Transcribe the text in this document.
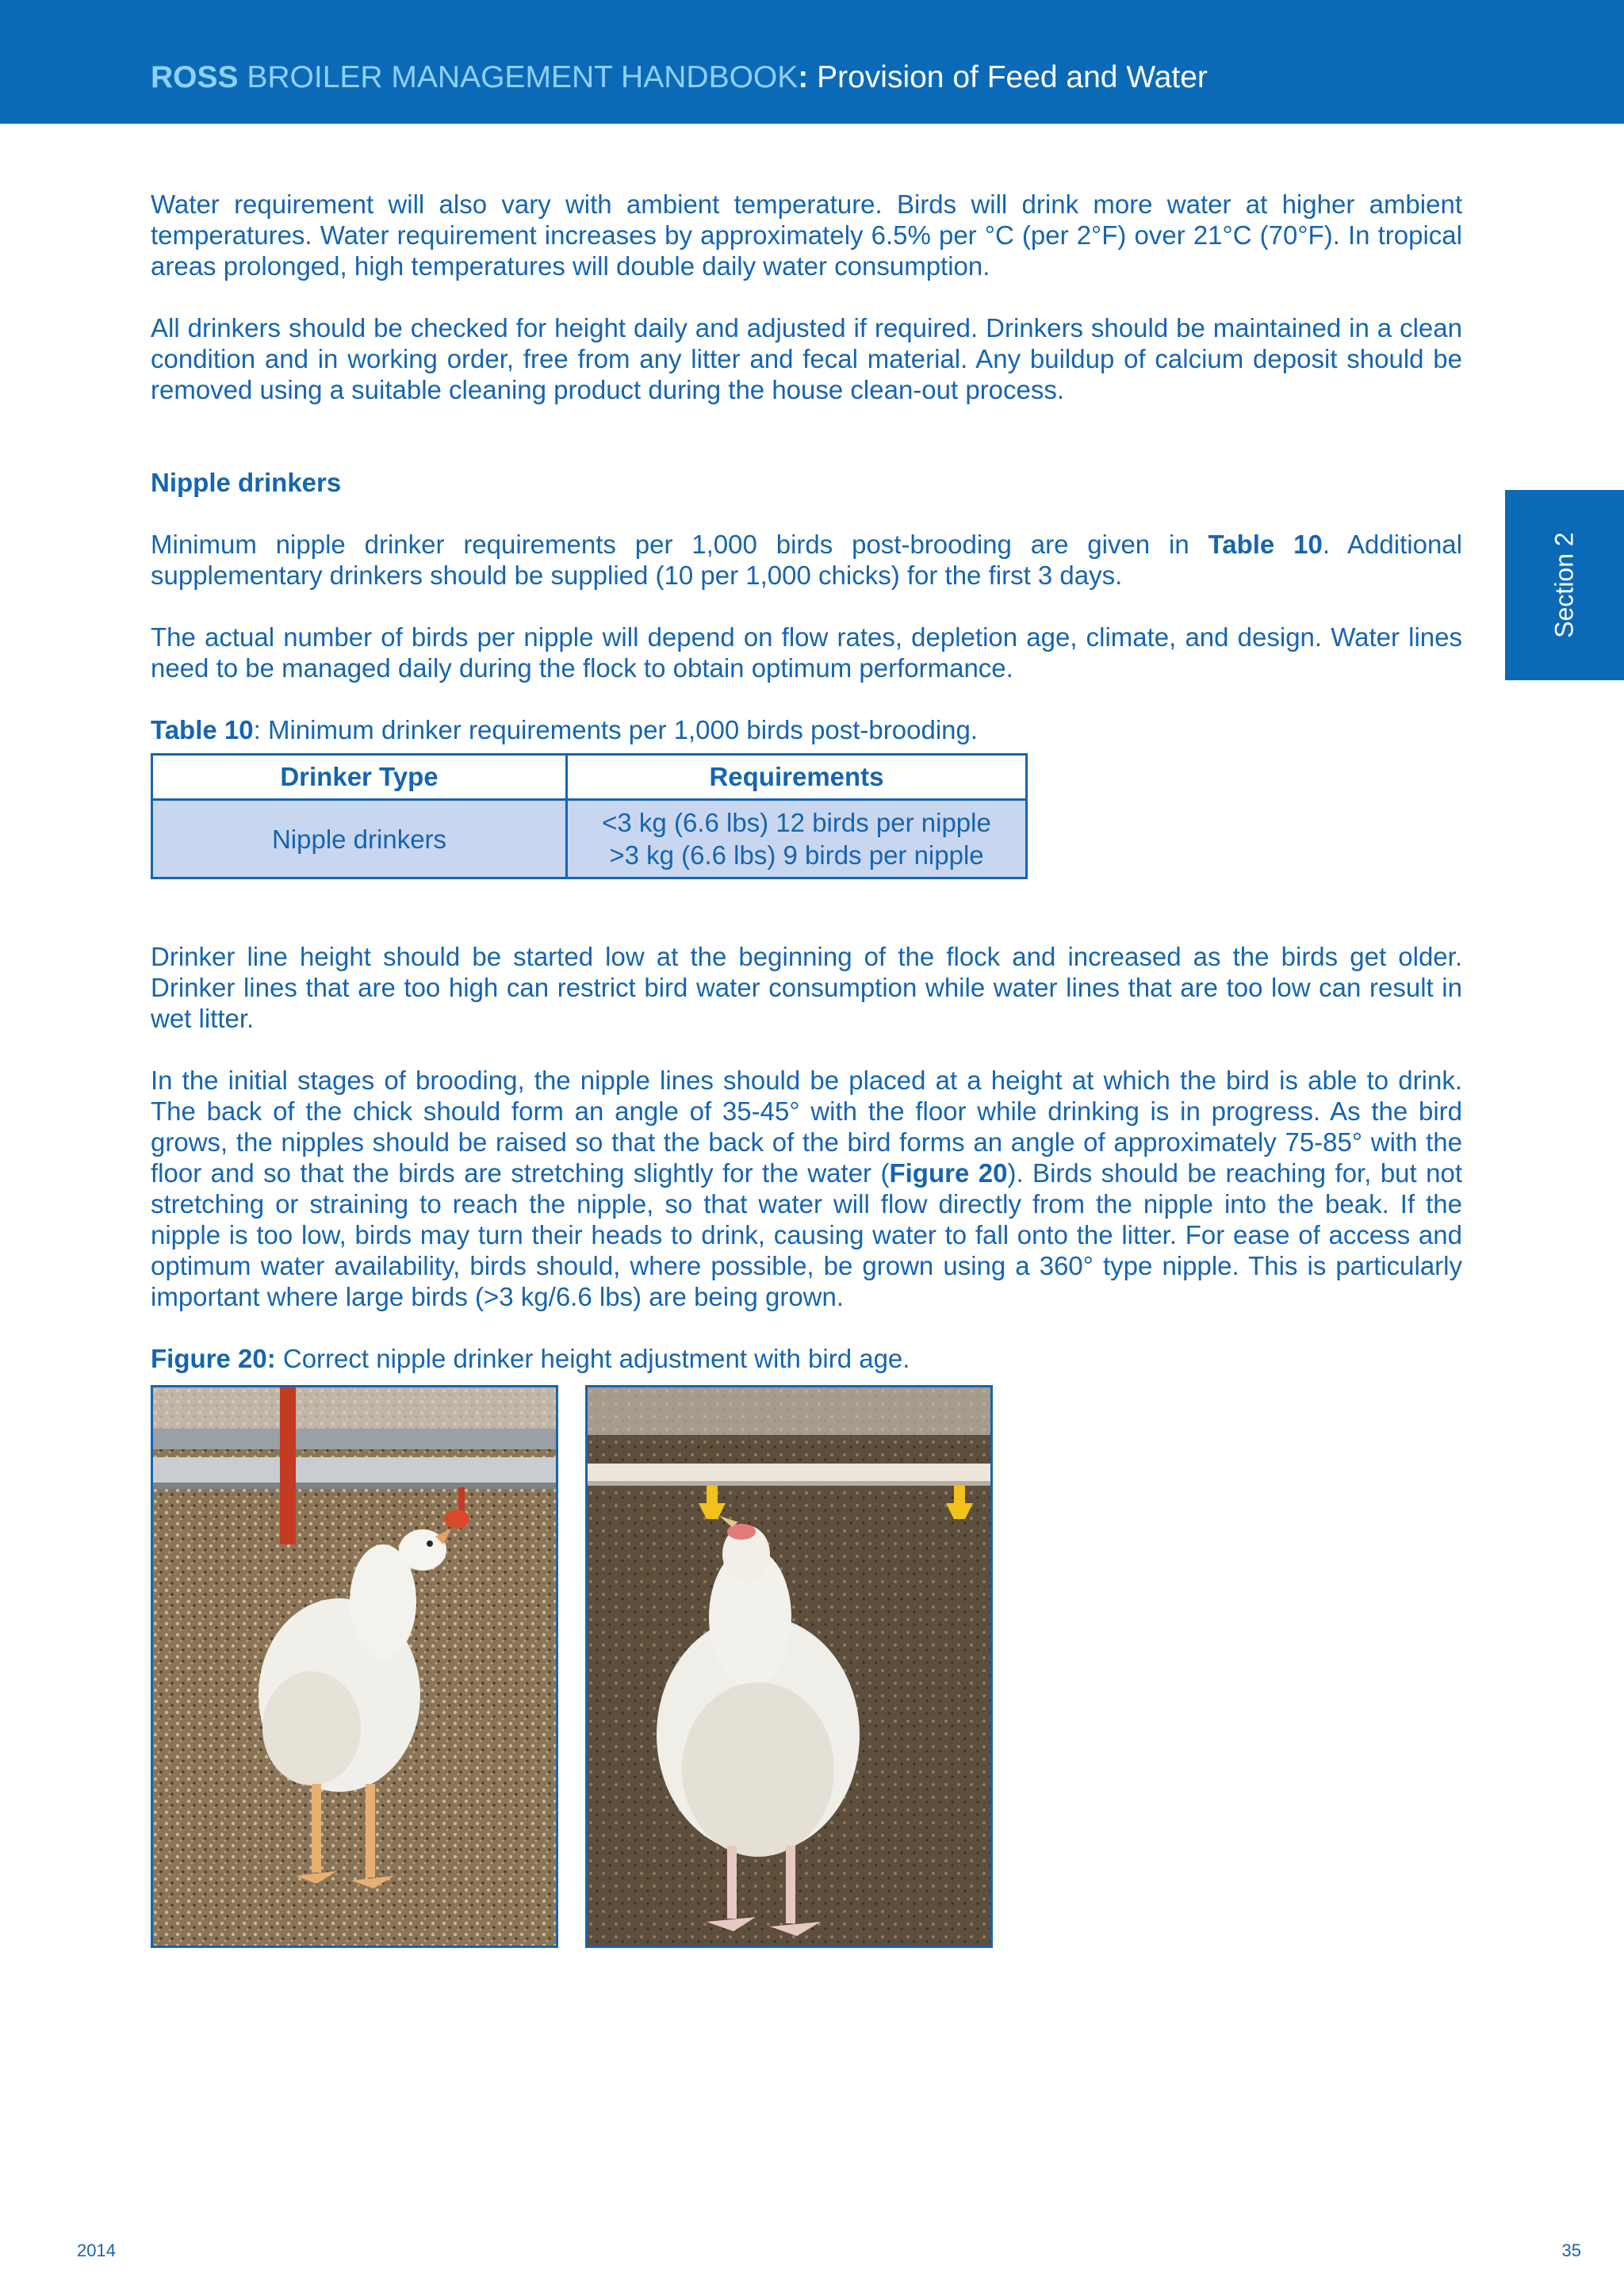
ROSS BROILER MANAGEMENT HANDBOOK: Provision of Feed and Water
Section 2

Water requirement will also vary with ambient temperature. Birds will drink more water at higher ambient temperatures. Water requirement increases by approximately 6.5% per °C (per 2°F) over 21°C (70°F). In tropical areas prolonged, high temperatures will double daily water consumption.

All drinkers should be checked for height daily and adjusted if required. Drinkers should be maintained in a clean condition and in working order, free from any litter and fecal material. Any buildup of calcium deposit should be removed using a suitable cleaning product during the house clean-out process.

Nipple drinkers

Minimum nipple drinker requirements per 1,000 birds post-brooding are given in Table 10. Additional supplementary drinkers should be supplied (10 per 1,000 chicks) for the first 3 days.

The actual number of birds per nipple will depend on flow rates, depletion age, climate, and design. Water lines need to be managed daily during the flock to obtain optimum performance.

Table 10: Minimum drinker requirements per 1,000 birds post-brooding.

Drinker Type	Requirements
Nipple drinkers	<3 kg (6.6 lbs) 12 birds per nipple
>3 kg (6.6 lbs) 9 birds per nipple

Drinker line height should be started low at the beginning of the flock and increased as the birds get older. Drinker lines that are too high can restrict bird water consumption while water lines that are too low can result in wet litter.

In the initial stages of brooding, the nipple lines should be placed at a height at which the bird is able to drink. The back of the chick should form an angle of 35-45° with the floor while drinking is in progress. As the bird grows, the nipples should be raised so that the back of the bird forms an angle of approximately 75-85° with the floor and so that the birds are stretching slightly for the water (Figure 20). Birds should be reaching for, but not stretching or straining to reach the nipple, so that water will flow directly from the nipple into the beak. If the nipple is too low, birds may turn their heads to drink, causing water to fall onto the litter. For ease of access and optimum water availability, birds should, where possible, be grown using a 360° type nipple. This is particularly important where large birds (>3 kg/6.6 lbs) are being grown.

Figure 20: Correct nipple drinker height adjustment with bird age.

2014	35
